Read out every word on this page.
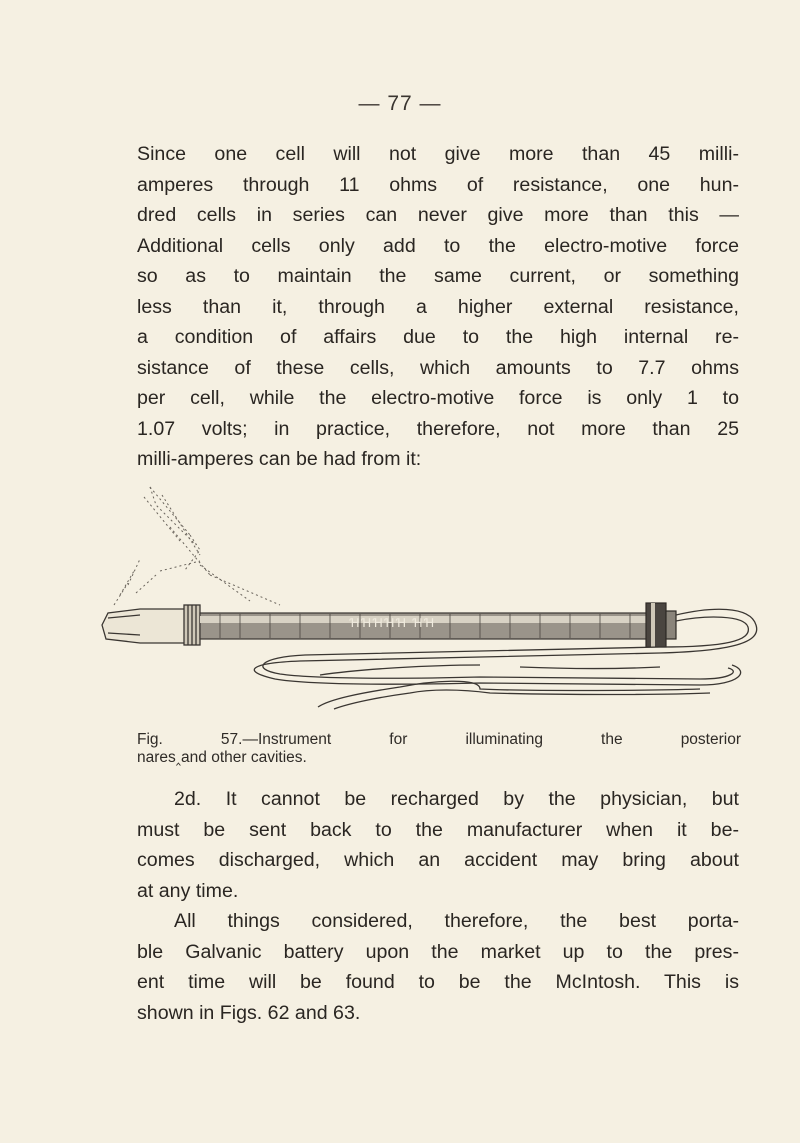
— 77 —
Since one cell will not give more than 45 milli-
amperes through 11 ohms of resistance, one hun-
dred cells in series can never give more than this —
Additional cells only add to the electro-motive force
so as to maintain the same current, or something
less than it, through a higher external resistance,
a condition of affairs due to the high internal re-
sistance of these cells, which amounts to 7.7 ohms
per cell, while the electro-motive force is only 1 to
1.07 volts; in practice, therefore, not more than 25
milli-amperes can be had from it:
ꞪꞪꞪꞪꞪ ꞪꞪ
Fig. 57.—Instrument for illuminating the posterior
nares‸and other cavities.
2d. It cannot be recharged by the physician, but
must be sent back to the manufacturer when it be-
comes discharged, which an accident may bring about
at any time.
All things considered, therefore, the best porta-
ble Galvanic battery upon the market up to the pres-
ent time will be found to be the McIntosh. This is
shown in Figs. 62 and 63.
